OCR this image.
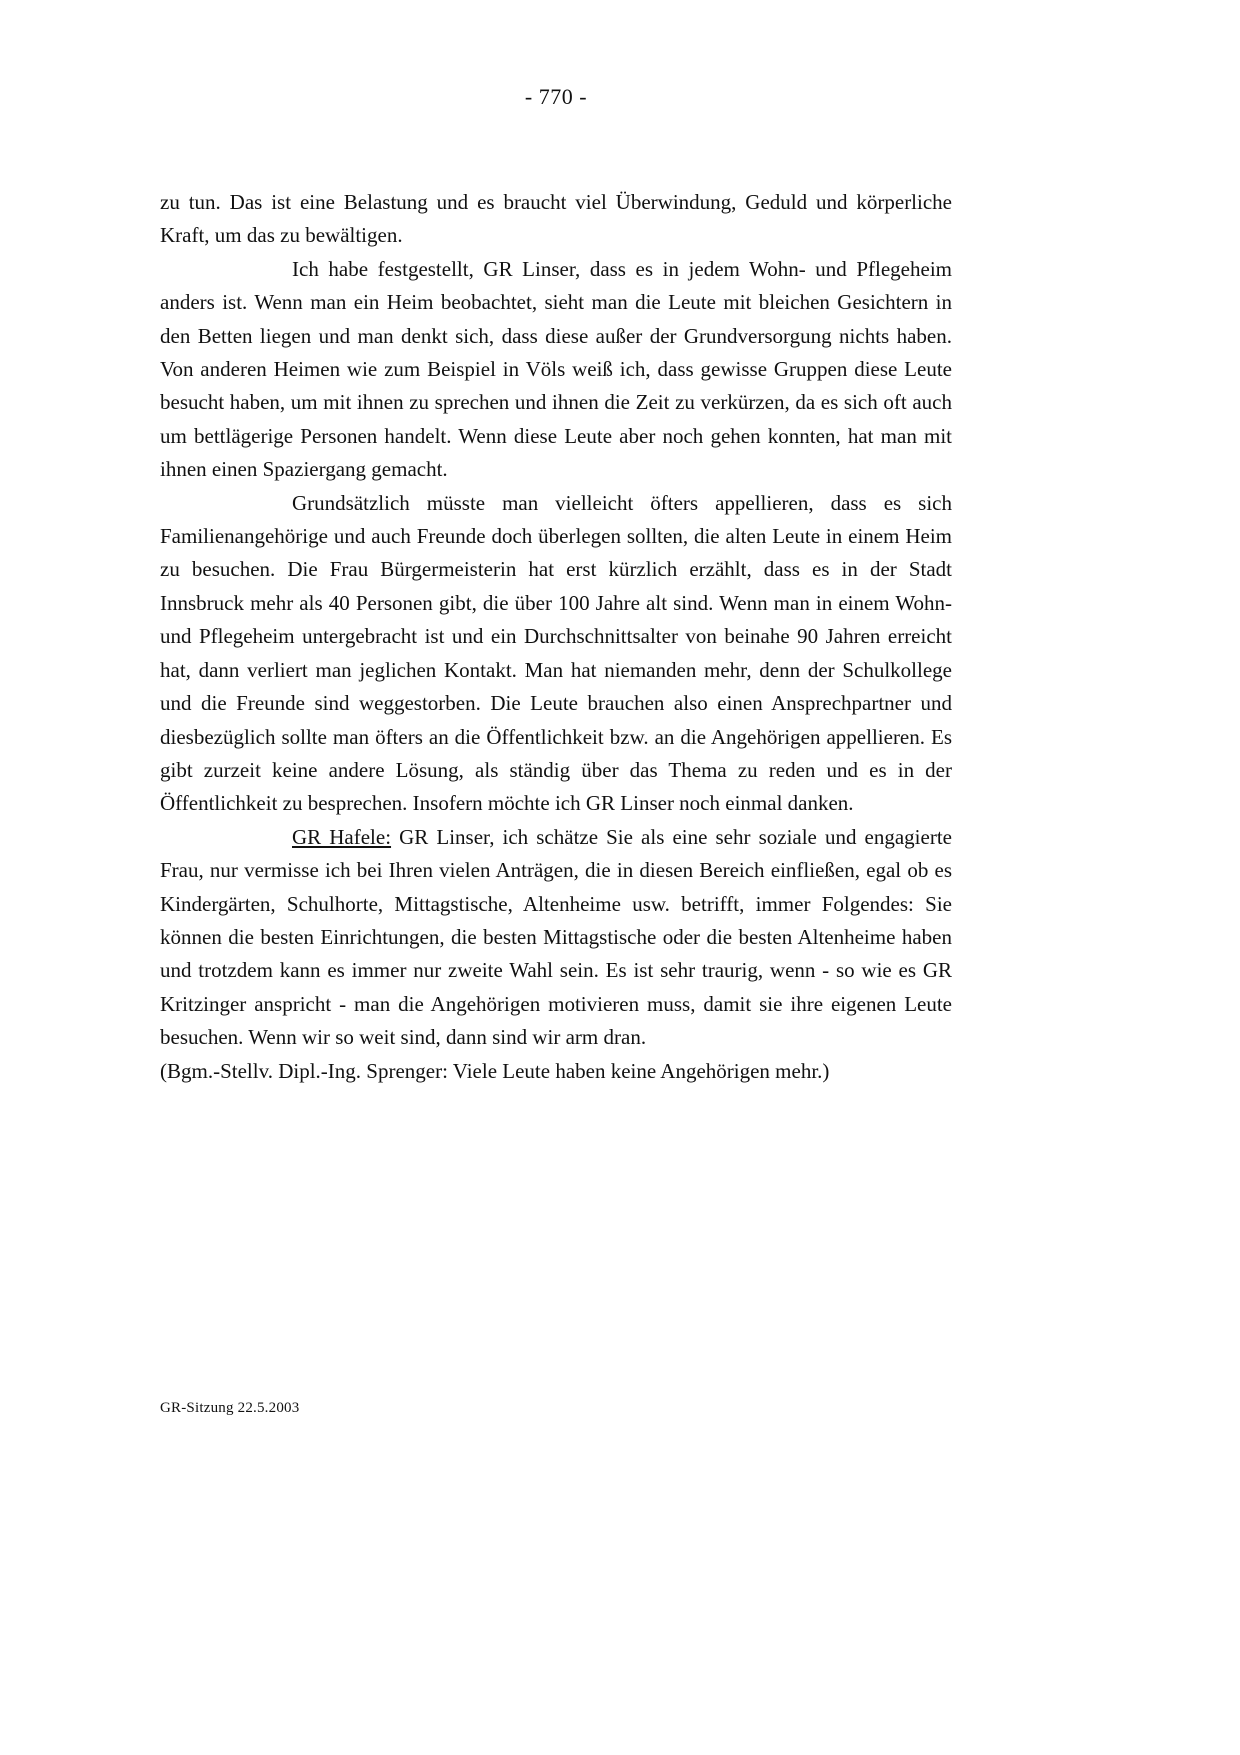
- 770 -

zu tun. Das ist eine Belastung und es braucht viel Überwindung, Geduld und körperliche Kraft, um das zu bewältigen.

Ich habe festgestellt, GR Linser, dass es in jedem Wohn- und Pflegeheim anders ist. Wenn man ein Heim beobachtet, sieht man die Leute mit bleichen Gesichtern in den Betten liegen und man denkt sich, dass diese außer der Grundversorgung nichts haben. Von anderen Heimen wie zum Beispiel in Völs weiß ich, dass gewisse Gruppen diese Leute besucht haben, um mit ihnen zu sprechen und ihnen die Zeit zu verkürzen, da es sich oft auch um bettlägerige Personen handelt. Wenn diese Leute aber noch gehen konnten, hat man mit ihnen einen Spaziergang gemacht.

Grundsätzlich müsste man vielleicht öfters appellieren, dass es sich Familienangehörige und auch Freunde doch überlegen sollten, die alten Leute in einem Heim zu besuchen. Die Frau Bürgermeisterin hat erst kürzlich erzählt, dass es in der Stadt Innsbruck mehr als 40 Personen gibt, die über 100 Jahre alt sind. Wenn man in einem Wohn- und Pflegeheim untergebracht ist und ein Durchschnittsalter von beinahe 90 Jahren erreicht hat, dann verliert man jeglichen Kontakt. Man hat niemanden mehr, denn der Schulkollege und die Freunde sind weggestorben. Die Leute brauchen also einen Ansprechpartner und diesbezüglich sollte man öfters an die Öffentlichkeit bzw. an die Angehörigen appellieren. Es gibt zurzeit keine andere Lösung, als ständig über das Thema zu reden und es in der Öffentlichkeit zu besprechen. Insofern möchte ich GR Linser noch einmal danken.

GR Hafele: GR Linser, ich schätze Sie als eine sehr soziale und engagierte Frau, nur vermisse ich bei Ihren vielen Anträgen, die in diesen Bereich einfließen, egal ob es Kindergärten, Schulhorte, Mittagstische, Altenheime usw. betrifft, immer Folgendes: Sie können die besten Einrichtungen, die besten Mittagstische oder die besten Altenheime haben und trotzdem kann es immer nur zweite Wahl sein. Es ist sehr traurig, wenn - so wie es GR Kritzinger anspricht - man die Angehörigen motivieren muss, damit sie ihre eigenen Leute besuchen. Wenn wir so weit sind, dann sind wir arm dran.

(Bgm.-Stellv. Dipl.-Ing. Sprenger: Viele Leute haben keine Angehörigen mehr.)

GR-Sitzung 22.5.2003
